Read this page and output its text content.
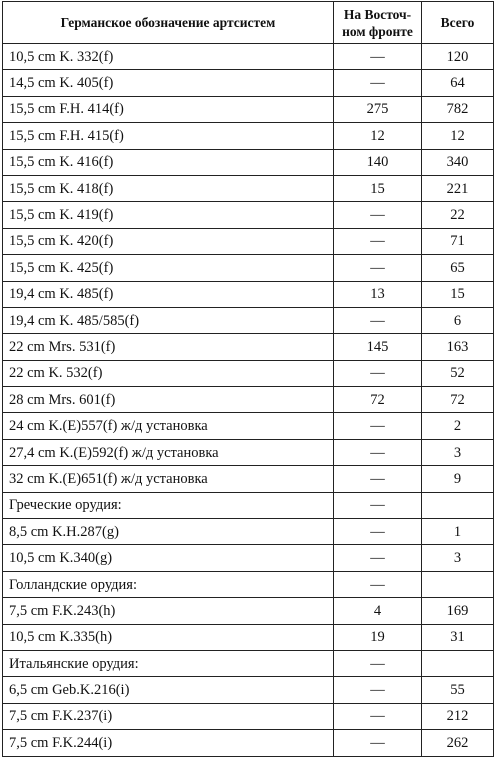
Германское обозначение артсистем	На Восточ-ном фронте	Всего
10,5 cm K. 332(f)	—	120
14,5 cm K. 405(f)	—	64
15,5 cm F.H. 414(f)	275	782
15,5 cm F.H. 415(f)	12	12
15,5 cm K. 416(f)	140	340
15,5 cm K. 418(f)	15	221
15,5 cm K. 419(f)	—	22
15,5 cm K. 420(f)	—	71
15,5 cm K. 425(f)	—	65
19,4 cm K. 485(f)	13	15
19,4 cm K. 485/585(f)	—	6
22 cm Mrs. 531(f)	145	163
22 cm K. 532(f)	—	52
28 cm Mrs. 601(f)	72	72
24 cm K.(E)557(f) ж/д установка	—	2
27,4 cm K.(E)592(f) ж/д установка	—	3
32 cm K.(E)651(f) ж/д установка	—	9
Греческие орудия:	—	
8,5 cm K.H.287(g)	—	1
10,5 cm K.340(g)	—	3
Голландские орудия:	—	
7,5 cm F.K.243(h)	4	169
10,5 cm K.335(h)	19	31
Итальянские орудия:	—	
6,5 cm Geb.K.216(i)	—	55
7,5 cm F.K.237(i)	—	212
7,5 cm F.K.244(i)	—	262
